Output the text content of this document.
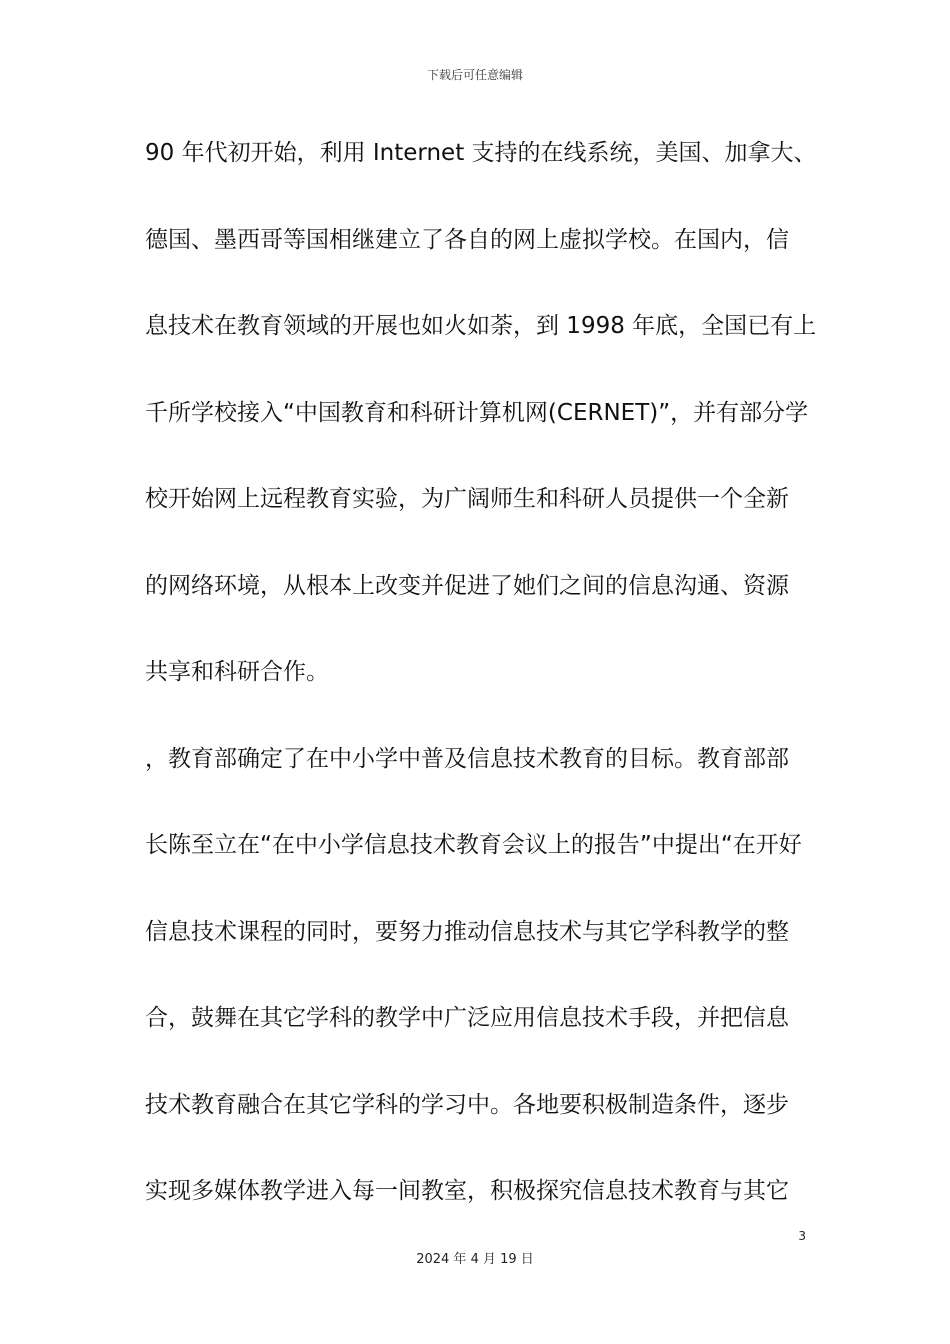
下载后可任意编辑
90 年代初开始，利用 Internet 支持的在线系统，美国、加拿大、
德国、墨西哥等国相继建立了各自的网上虚拟学校。在国内，信
息技术在教育领域的开展也如火如荼，到 1998 年底，全国已有上
千所学校接入“中国教育和科研计算机网(CERNET)”，并有部分学
校开始网上远程教育实验，为广阔师生和科研人员提供一个全新
的网络环境，从根本上改变并促进了她们之间的信息沟通、资源
共享和科研合作。
，教育部确定了在中小学中普及信息技术教育的目标。教育部部
长陈至立在“在中小学信息技术教育会议上的报告”中提出“在开好
信息技术课程的同时，要努力推动信息技术与其它学科教学的整
合，鼓舞在其它学科的教学中广泛应用信息技术手段，并把信息
技术教育融合在其它学科的学习中。各地要积极制造条件，逐步
实现多媒体教学进入每一间教室，积极探究信息技术教育与其它
3
2024 年 4 月 19 日
